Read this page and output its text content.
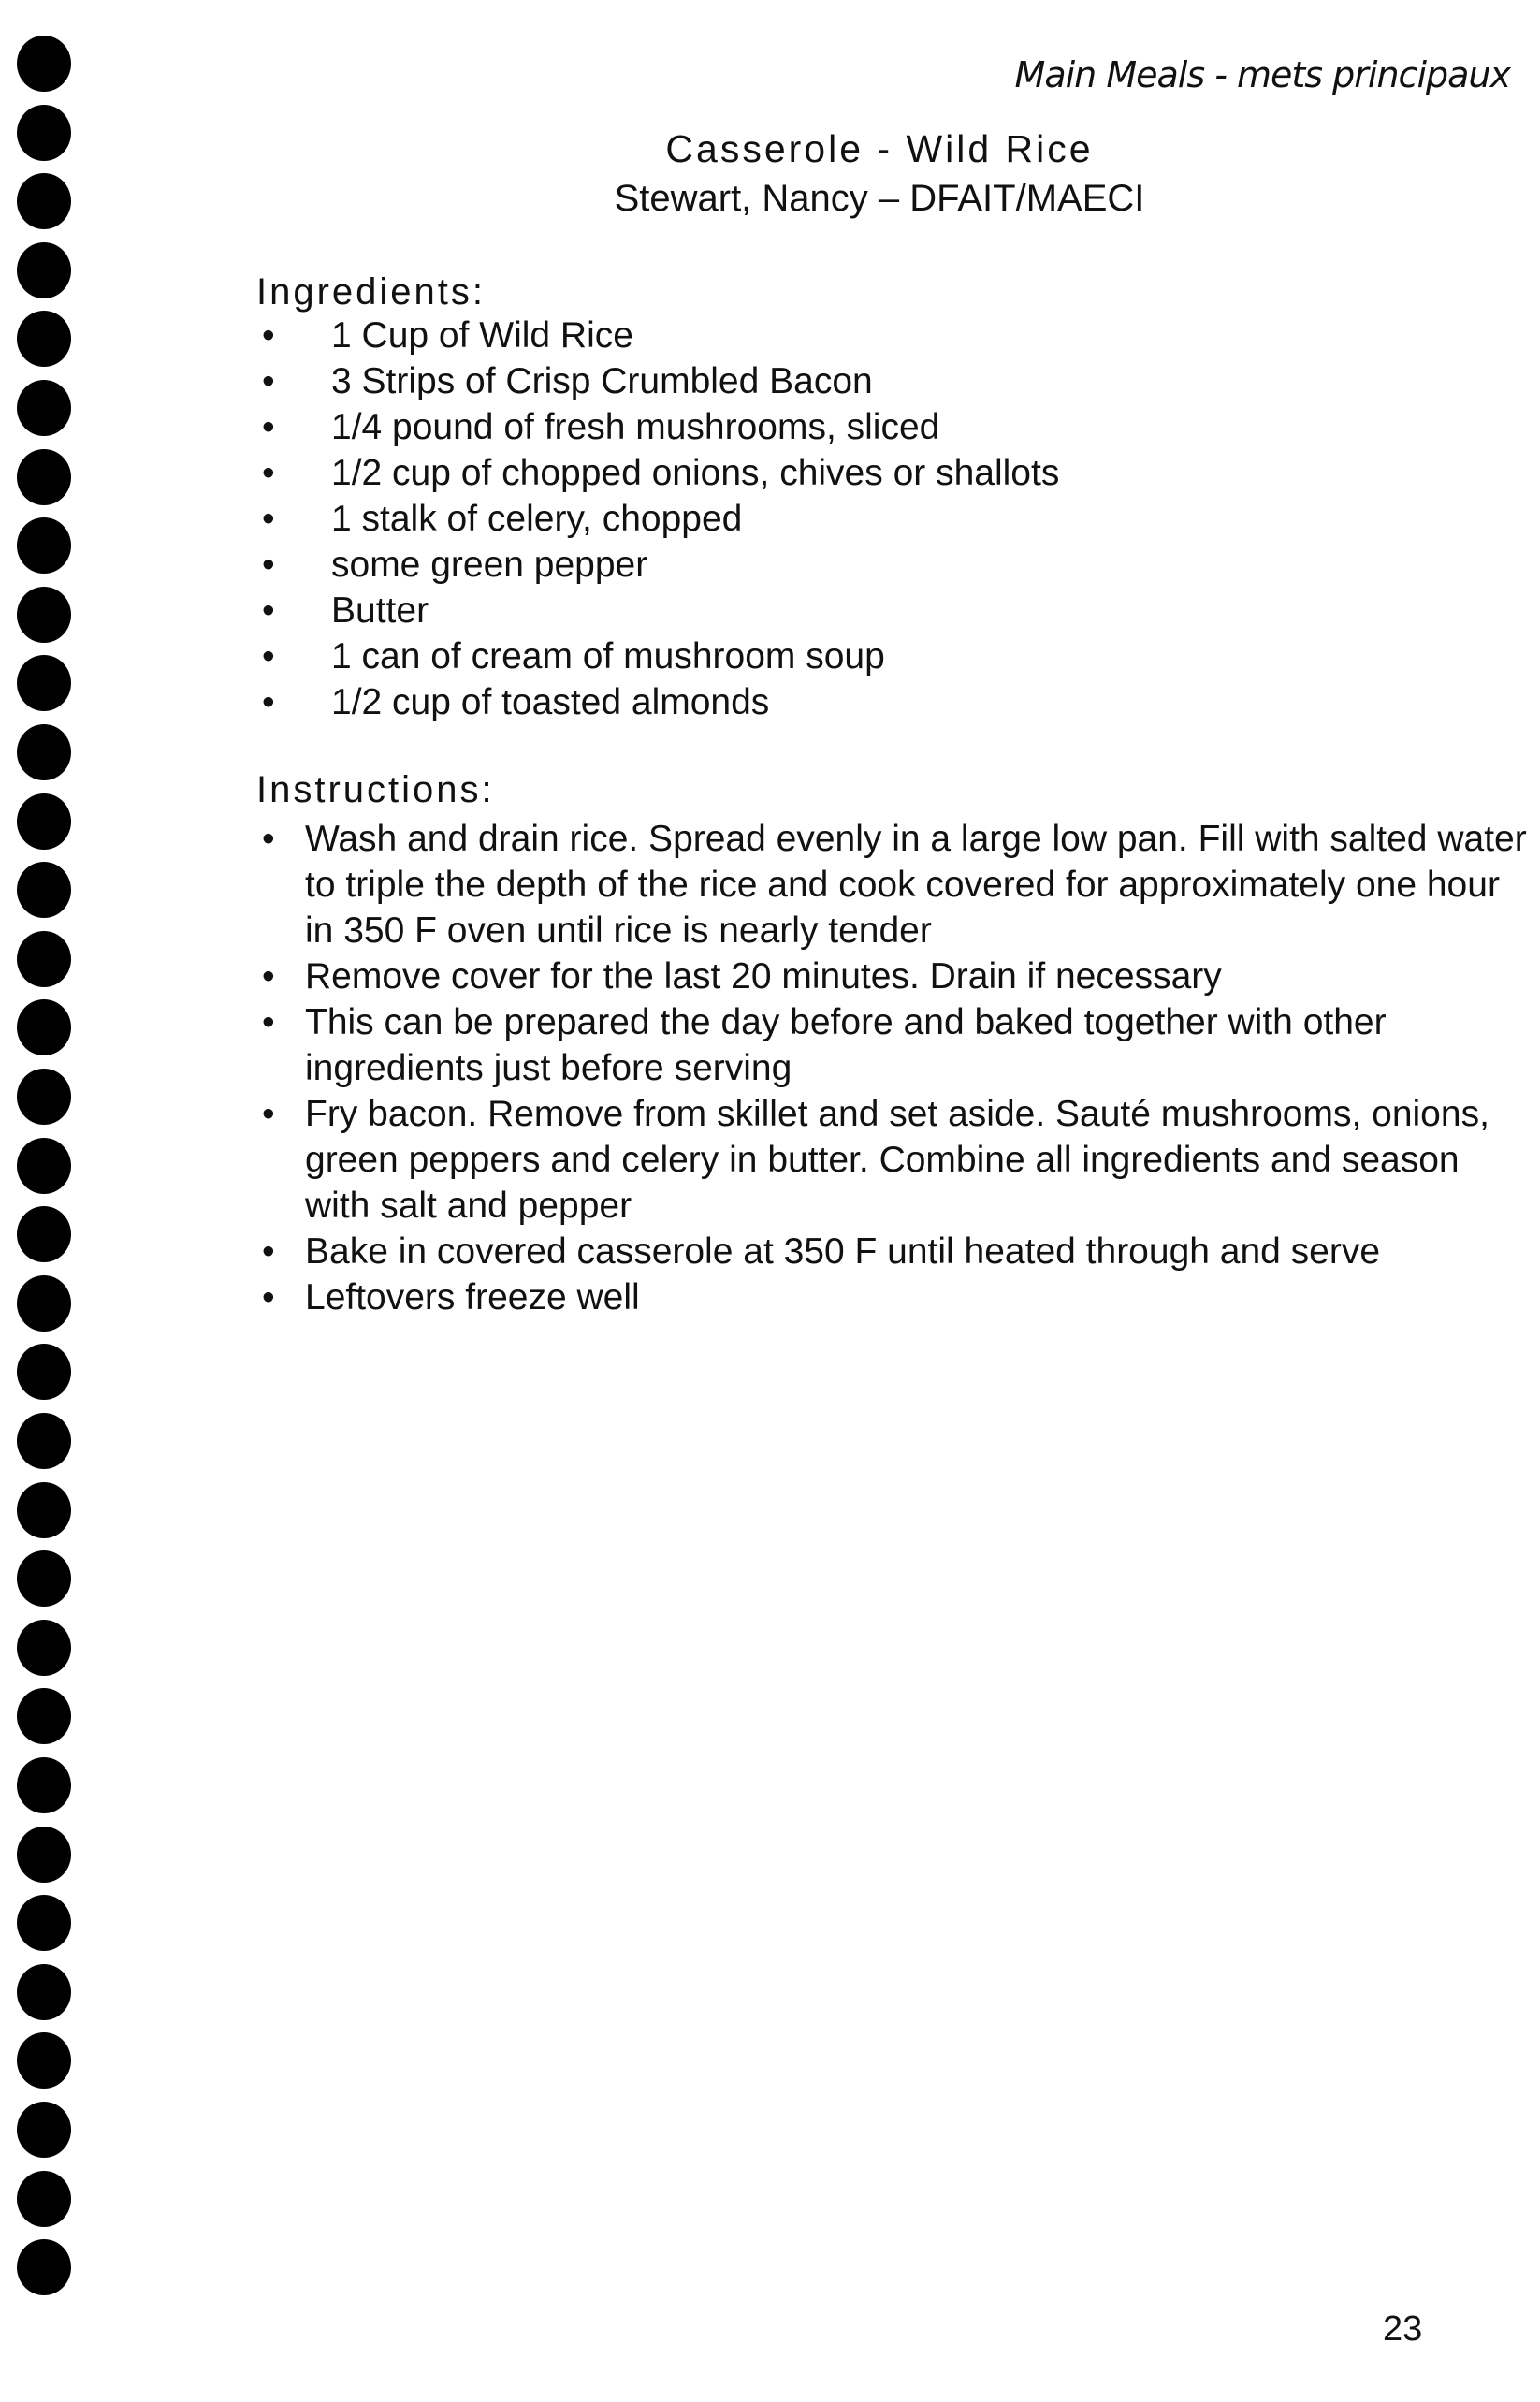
Main Meals - mets principaux
Casserole - Wild Rice
Stewart, Nancy – DFAIT/MAECI
Ingredients:
• 1 Cup of Wild Rice
• 3 Strips of Crisp Crumbled Bacon
• 1/4 pound of fresh mushrooms, sliced
• 1/2 cup of chopped onions, chives or shallots
• 1 stalk of celery, chopped
• some green pepper
• Butter
• 1 can of cream of mushroom soup
• 1/2 cup of toasted almonds
Instructions:
• Wash and drain rice. Spread evenly in a large low pan. Fill with salted water to triple the depth of the rice and cook covered for approximately one hour in 350 F oven until rice is nearly tender
• Remove cover for the last 20 minutes. Drain if necessary
• This can be prepared the day before and baked together with other ingredients just before serving
• Fry bacon. Remove from skillet and set aside. Sauté mushrooms, onions, green peppers and celery in butter. Combine all ingredients and season with salt and pepper
• Bake in covered casserole at 350 F until heated through and serve
• Leftovers freeze well
23
